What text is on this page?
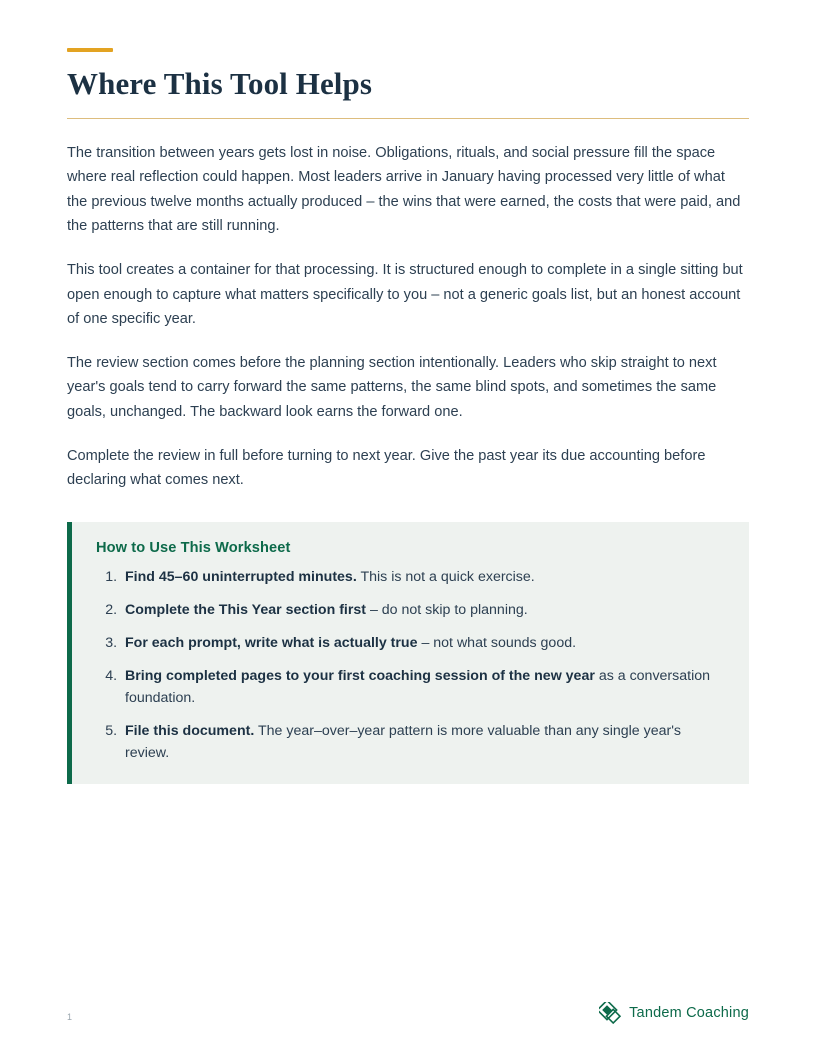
Where This Tool Helps

The transition between years gets lost in noise. Obligations, rituals, and social pressure fill the space where real reflection could happen. Most leaders arrive in January having processed very little of what the previous twelve months actually produced – the wins that were earned, the costs that were paid, and the patterns that are still running.

This tool creates a container for that processing. It is structured enough to complete in a single sitting but open enough to capture what matters specifically to you – not a generic goals list, but an honest account of one specific year.

The review section comes before the planning section intentionally. Leaders who skip straight to next year's goals tend to carry forward the same patterns, the same blind spots, and sometimes the same goals, unchanged. The backward look earns the forward one.

Complete the review in full before turning to next year. Give the past year its due accounting before declaring what comes next.

How to Use This Worksheet
1. Find 45–60 uninterrupted minutes. This is not a quick exercise.
2. Complete the This Year section first – do not skip to planning.
3. For each prompt, write what is actually true – not what sounds good.
4. Bring completed pages to your first coaching session of the new year as a conversation foundation.
5. File this document. The year–over–year pattern is more valuable than any single year's review.
1	Tandem Coaching
